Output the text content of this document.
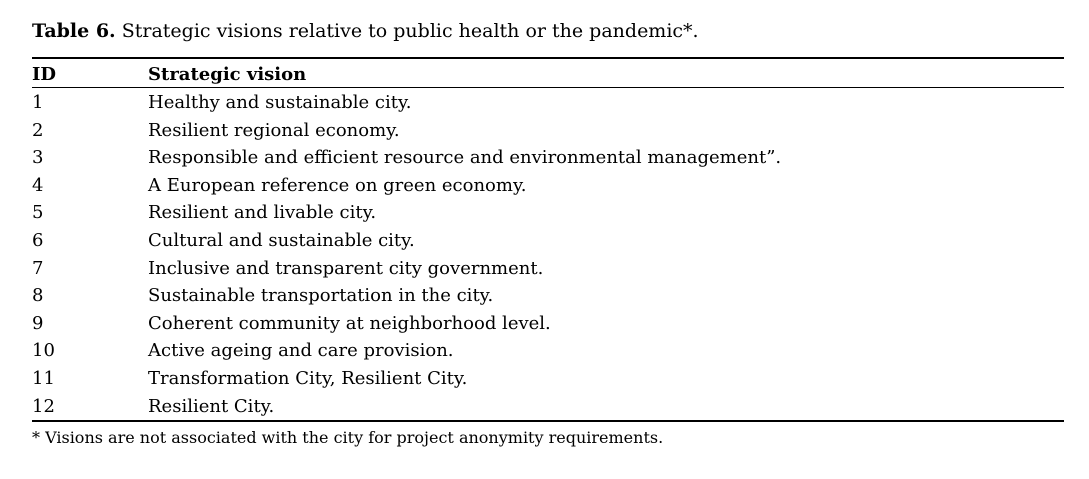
Table 6. Strategic visions relative to public health or the pandemic*.
ID	Strategic vision
1	Healthy and sustainable city.
2	Resilient regional economy.
3	Responsible and efficient resource and environmental management”.
4	A European reference on green economy.
5	Resilient and livable city.
6	Cultural and sustainable city.
7	Inclusive and transparent city government.
8	Sustainable transportation in the city.
9	Coherent community at neighborhood level.
10	Active ageing and care provision.
11	Transformation City, Resilient City.
12	Resilient City.
* Visions are not associated with the city for project anonymity requirements.
